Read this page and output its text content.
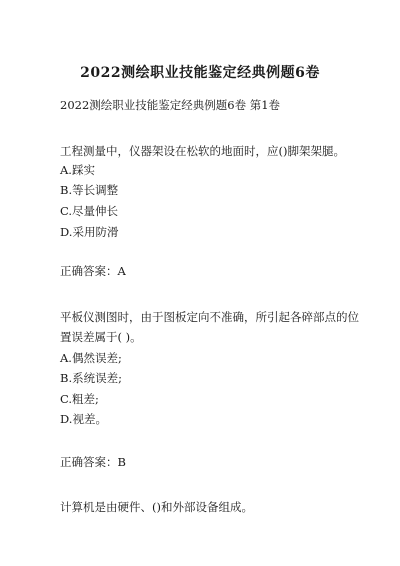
2022测绘职业技能鉴定经典例题6卷
2022测绘职业技能鉴定经典例题6卷 第1卷
工程测量中，仪器架设在松软的地面时，应()脚架架腿。
A.踩实
B.等长调整
C.尽量伸长
D.采用防滑
正确答案：A
平板仪测图时，由于图板定向不准确，所引起各碎部点的位
置误差属于( )。
A.偶然误差;
B.系统误差;
C.粗差;
D.视差。
正确答案：B
计算机是由硬件、()和外部设备组成。
